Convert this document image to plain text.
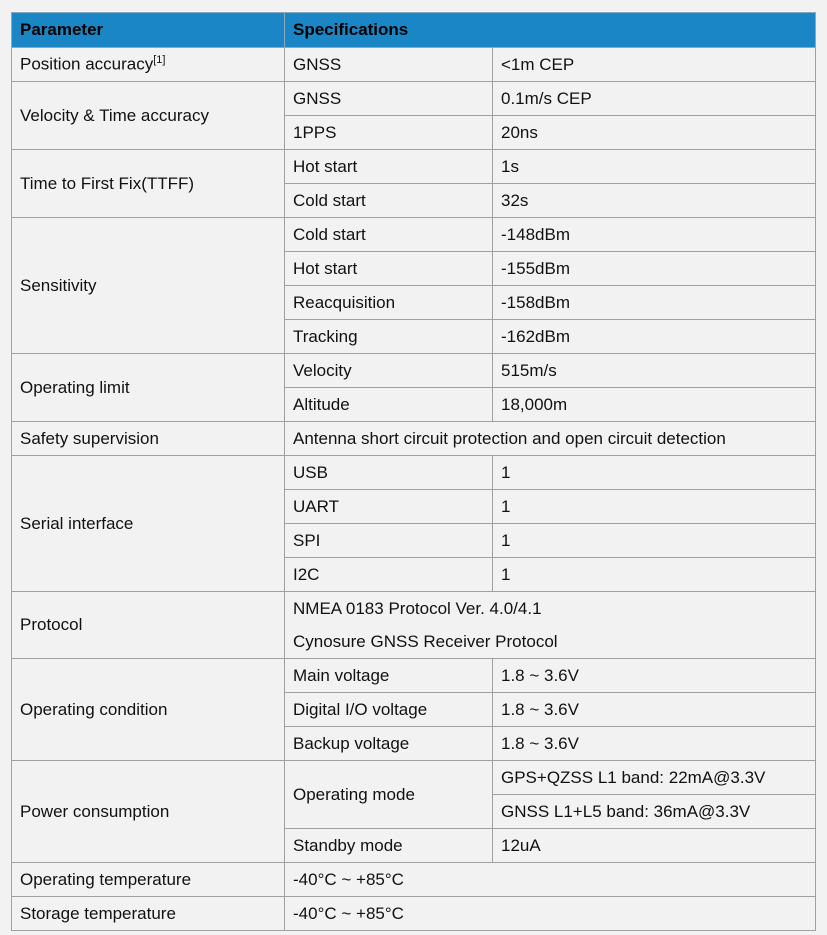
Parameter	Specifications	
Position accuracy[1]	GNSS	<1m CEP
Velocity & Time accuracy	GNSS	0.1m/s CEP
	1PPS	20ns
Time to First Fix(TTFF)	Hot start	1s
	Cold start	32s
Sensitivity	Cold start	-148dBm
	Hot start	-155dBm
	Reacquisition	-158dBm
	Tracking	-162dBm
Operating limit	Velocity	515m/s
	Altitude	18,000m
Safety supervision	Antenna short circuit protection and open circuit detection	
Serial interface	USB	1
	UART	1
	SPI	1
	I2C	1
Protocol	NMEA 0183 Protocol Ver. 4.0/4.1	
	Cynosure GNSS Receiver Protocol	
Operating condition	Main voltage	1.8 ~ 3.6V
	Digital I/O voltage	1.8 ~ 3.6V
	Backup voltage	1.8 ~ 3.6V
Power consumption	Operating mode	GPS+QZSS L1 band: 22mA@3.3V
		GNSS L1+L5 band: 36mA@3.3V
	Standby mode	12uA
Operating temperature	-40°C ~ +85°C	
Storage temperature	-40°C ~ +85°C	
